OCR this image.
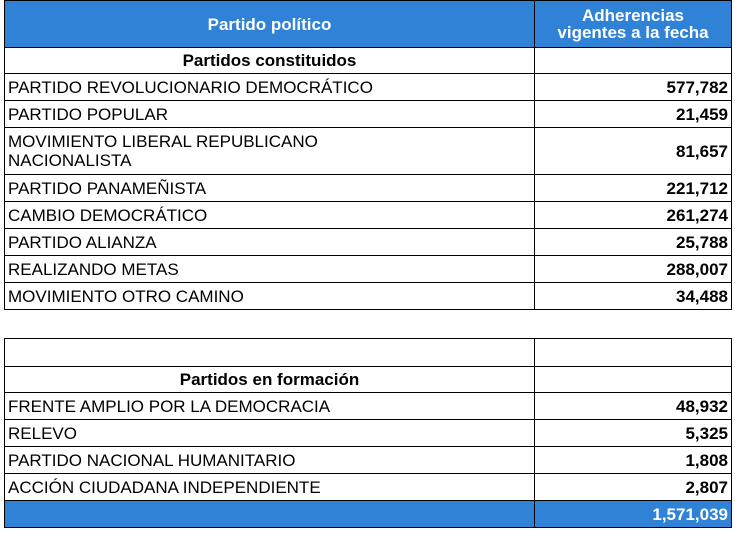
Partido político	Adherencias
vigentes a la fecha
Partidos constituidos	
PARTIDO REVOLUCIONARIO DEMOCRÁTICO	577,782
PARTIDO POPULAR	21,459
MOVIMIENTO LIBERAL REPUBLICANO
NACIONALISTA	81,657
PARTIDO PANAMEÑISTA	221,712
CAMBIO DEMOCRÁTICO	261,274
PARTIDO ALIANZA	25,788
REALIZANDO METAS	288,007
MOVIMIENTO OTRO CAMINO	34,488

Partidos en formación	
FRENTE AMPLIO POR LA DEMOCRACIA	48,932
RELEVO	5,325
PARTIDO NACIONAL HUMANITARIO	1,808
ACCIÓN CIUDADANA INDEPENDIENTE	2,807
	1,571,039
